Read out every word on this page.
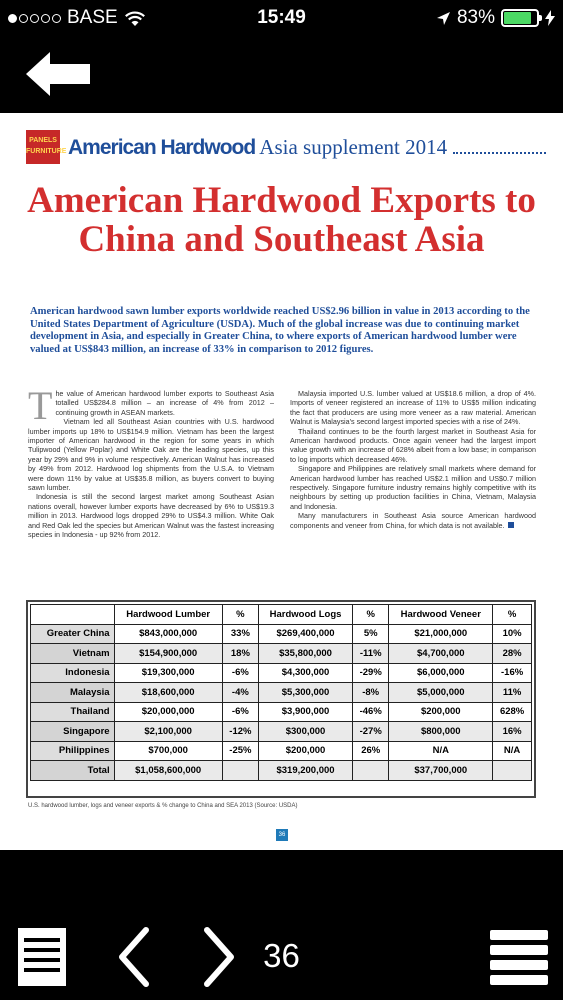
BASE	15:49	83%
PANELS FURNITURE American Hardwood Asia supplement 2014
American Hardwood Exports to China and Southeast Asia
American hardwood sawn lumber exports worldwide reached US$2.96 billion in value in 2013 according to the United States Department of Agriculture (USDA). Much of the global increase was due to continuing market development in Asia, and especially in Greater China, to where exports of American hardwood lumber were valued at US$843 million, an increase of 33% in comparison to 2012 figures.

The value of American hardwood lumber exports to Southeast Asia totalled US$284.8 million – an increase of 4% from 2012 – continuing growth in ASEAN markets.

Vietnam led all Southeast Asian countries with U.S. hardwood lumber imports up 18% to US$154.9 million. Vietnam has been the largest importer of American hardwood in the region for some years in which Tulipwood (Yellow Poplar) and White Oak are the leading species, up this year by 29% and 9% in volume respectively. American Walnut has increased by 49% from 2012. Hardwood log shipments from the U.S.A. to Vietnam were down 11% by value at US$35.8 million, as buyers convert to buying sawn lumber.

Indonesia is still the second largest market among Southeast Asian nations overall, however lumber exports have decreased by 6% to US$19.3 million in 2013. Hardwood logs dropped 29% to US$4.3 million. White Oak and Red Oak led the species but American Walnut was the fastest increasing species in Indonesia - up 92% from 2012.

Malaysia imported U.S. lumber valued at US$18.6 million, a drop of 4%. Imports of veneer registered an increase of 11% to US$5 million indicating the fact that producers are using more veneer as a raw material. American Walnut is Malaysia's second largest imported species with a rise of 24%.

Thailand continues to be the fourth largest market in Southeast Asia for American hardwood products. Once again veneer had the largest import value growth with an increase of 628% albeit from a low base; in comparison to log imports which decreased 46%.

Singapore and Philippines are relatively small markets where demand for American hardwood lumber has reached US$2.1 million and US$0.7 million respectively. Singapore furniture industry remains highly competitive with its neighbours by setting up production facilities in China, Vietnam, Malaysia and Indonesia.

Many manufacturers in Southeast Asia source American hardwood components and veneer from China, for which data is not available.

	Hardwood Lumber	%	Hardwood Logs	%	Hardwood Veneer	%
Greater China	$843,000,000	33%	$269,400,000	5%	$21,000,000	10%
Vietnam	$154,900,000	18%	$35,800,000	-11%	$4,700,000	28%
Indonesia	$19,300,000	-6%	$4,300,000	-29%	$6,000,000	-16%
Malaysia	$18,600,000	-4%	$5,300,000	-8%	$5,000,000	11%
Thailand	$20,000,000	-6%	$3,900,000	-46%	$200,000	628%
Singapore	$2,100,000	-12%	$300,000	-27%	$800,000	16%
Philippines	$700,000	-25%	$200,000	26%	N/A	N/A
Total	$1,058,600,000		$319,200,000		$37,700,000	
U.S. hardwood lumber, logs and veneer exports & % change to China and SEA 2013 (Source: USDA)
36
36
